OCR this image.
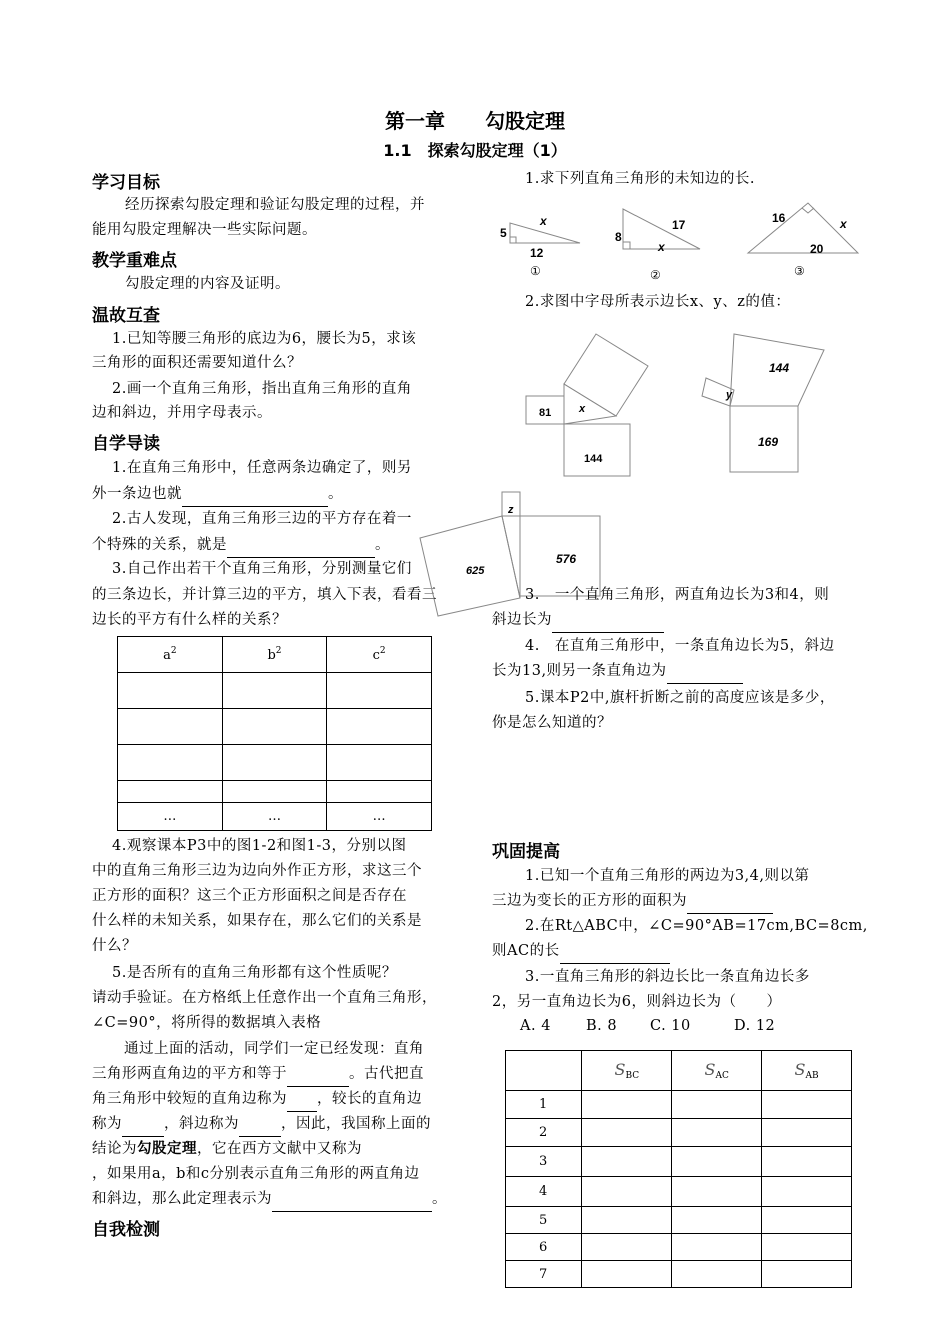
第一章　　勾股定理
1.1　探索勾股定理（1）
学习目标
经历探索勾股定理和验证勾股定理的过程，并
能用勾股定理解决一些实际问题。
教学重难点
勾股定理的内容及证明。
温故互查
1.已知等腰三角形的底边为6，腰长为5，求该
三角形的面积还需要知道什么？
2.画一个直角三角形，指出直角三角形的直角
边和斜边，并用字母表示。
自学导读
1.在直角三角形中，任意两条边确定了，则另
外一条边也就	。
2.古人发现，直角三角形三边的平方存在着一
个特殊的关系，就是	。
3.自己作出若干个直角三角形，分别测量它们
的三条边长，并计算三边的平方，填入下表，看看三
边长的平方有什么样的关系？
$a^2$	$b^2$	$c^2$

…	…	…
4.观察课本P3中的图1-2和图1-3，分别以图
中的直角三角形三边为边向外作正方形，求这三个
正方形的面积？这三个正方形面积之间是否存在
什么样的未知关系，如果存在，那么它们的关系是
什么？
5.是否所有的直角三角形都有这个性质呢？
请动手验证。在方格纸上任意作出一个直角三角形，
∠C=90°，将所得的数据填入表格
通过上面的活动，同学们一定已经发现：直角
三角形两直角边的平方和等于	。古代把直
角三角形中较短的直角边称为 ，较长的直角边
称为	，斜边称为	，因此，我国称上面的
结论为勾股定理，它在西方文献中又称为
，如果用a，b和c分别表示直角三角形的两直角边
和斜边，那么此定理表示为	。
自我检测
1.求下列直角三角形的未知边的长.
5
12
x
①
8
x
17
②
16	x
20
③
2.求图中字母所表示边长x、y、z的值：
81
144
x
144
169
y
z
576
625
3.　一个直角三角形，两直角边长为3和4，则
斜边长为
4.　在直角三角形中，一条直角边长为5，斜边
长为13,则另一条直角边为
5.课本P2中,旗杆折断之前的高度应该是多少，
你是怎么知道的？
巩固提高
1.已知一个直角三角形的两边为3,4,则以第
三边为变长的正方形的面积为
2.在Rt△ABC中，∠C=90°AB=17cm,BC=8cm,
则AC的长
3.一直角三角形的斜边长比一条直角边长多
2，另一直角边长为6，则斜边长为（　　）
A. 4 B. 8 C. 10	D. 12
	$S_{BC}$	$S_{AC}$	$S_{AB}$
1			
2			
3			
4			
5			
6			
7			
